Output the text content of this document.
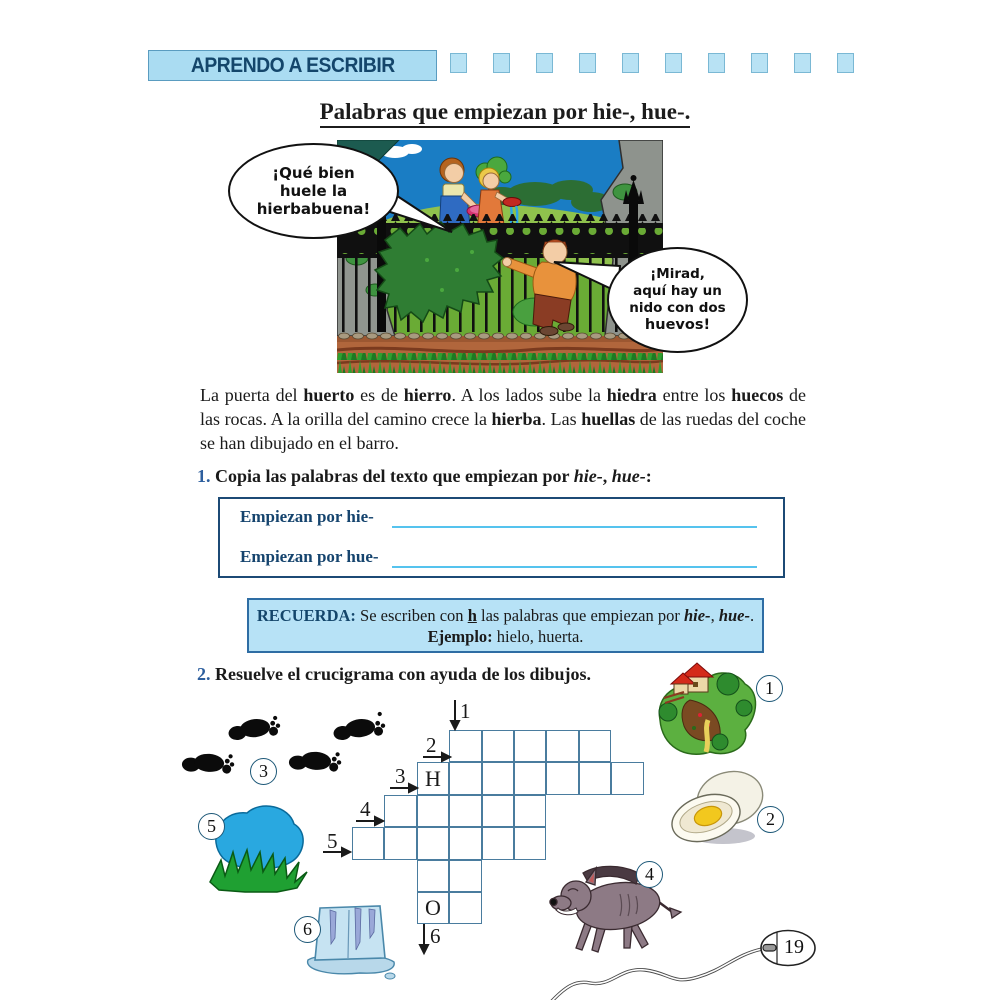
APRENDO A ESCRIBIR
Palabras que empiezan por hie-, hue-.
¡Qué bien
huele la
hierbabuena!
¡Mirad,
aquí hay un
nido con dos
huevos!
La puerta del huerto es de hierro. A los lados sube la hiedra entre los huecos de las rocas. A la orilla del camino crece la hierba. Las huellas de las ruedas del coche se han dibujado en el barro.
1. Copia las palabras del texto que empiezan por hie-, hue-:
Empiezan por hie-
Empiezan por hue-
RECUERDA: Se escriben con h las palabras que empiezan por hie-, hue-.
Ejemplo: hielo, huerta.
2. Resuelve el crucigrama con ayuda de los dibujos.
H
O
1
2
3
4
5
6
1
2
3
4
5
6
19
